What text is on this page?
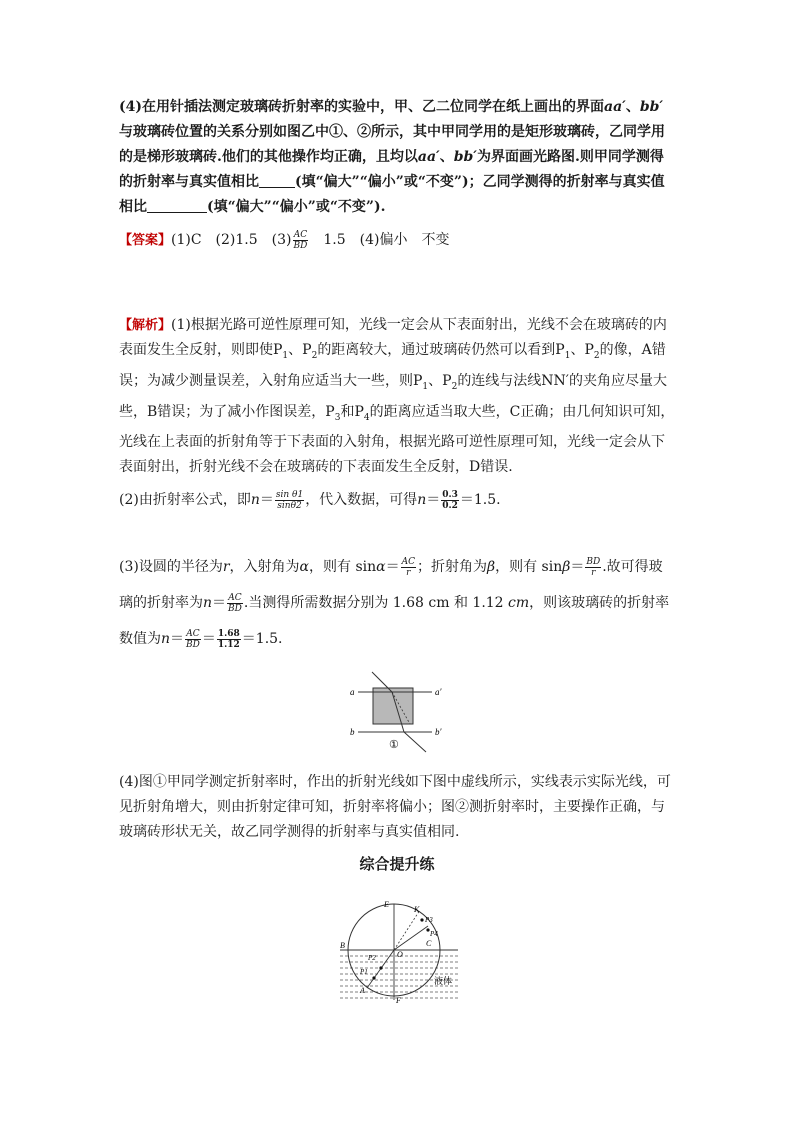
(4)在用针插法测定玻璃砖折射率的实验中，甲、乙二位同学在纸上画出的界面aa′、bb′与玻璃砖位置的关系分别如图乙中①、②所示，其中甲同学用的是矩形玻璃砖，乙同学用的是梯形玻璃砖.他们的其他操作均正确，且均以aa′、bb′为界面画光路图.则甲同学测得的折射率与真实值相比	(填“偏大”“偏小”或“不变”)；乙同学测得的折射率与真实值相比	(填“偏大”“偏小”或“不变”).

【答案】(1)C　(2)1.5　$(3) \frac{AC}{BD}$ 　1.5　(4)偏小　不变

【解析】(1)根据光路可逆性原理可知，光线一定会从下表面射出，光线不会在玻璃砖的内表面发生全反射，则即使$P_1$、$P_2$的距离较大，通过玻璃砖仍然可以看到$P_1$、$P_2$的像，A错误；为减少测量误差，入射角应适当大一些，则$P_1$、$P_2$的连线与法线NN′的夹角应尽量大些，B错误；为了减小作图误差，$P_3$和$P_4$的距离应适当取大些，C正确；由几何知识可知，光线在上表面的折射角等于下表面的入射角，根据光路可逆性原理可知，光线一定会从下表面射出，折射光线不会在玻璃砖的下表面发生全反射，D错误.

(2)由折射率公式，即$n= \frac{\text{sin θ1}}{\sin\theta 2}$ ，代入数据，可得$n= \frac{0.3}{0.2} =1.5$.

(3)设圆的半径为r，入射角为α，则有 $\sin\alpha= \frac{AC}{r}$ ；折射角为β，则有 $\sin\beta= \frac{BD}{r}$ .故可得玻璃的折射率为$n= \frac{AC}{BD}$ .当测得所需数据分别为 1.68 cm 和 1.12 cm，则该玻璃砖的折射率数值为$n= \frac{AC}{BD} = \frac{1.68}{1.12} =1.5$.

a	a′
b	b′
①

(4)图①甲同学测定折射率时，作出的折射光线如下图中虚线所示，实线表示实际光线，可见折射角增大，则由折射定律可知，折射率将偏小；图②测折射率时，主要操作正确，与玻璃砖形状无关，故乙同学测得的折射率与真实值相同.

综合提升练
E
K
P3
P4
B	C
P2
P1
O
A
F
液体
